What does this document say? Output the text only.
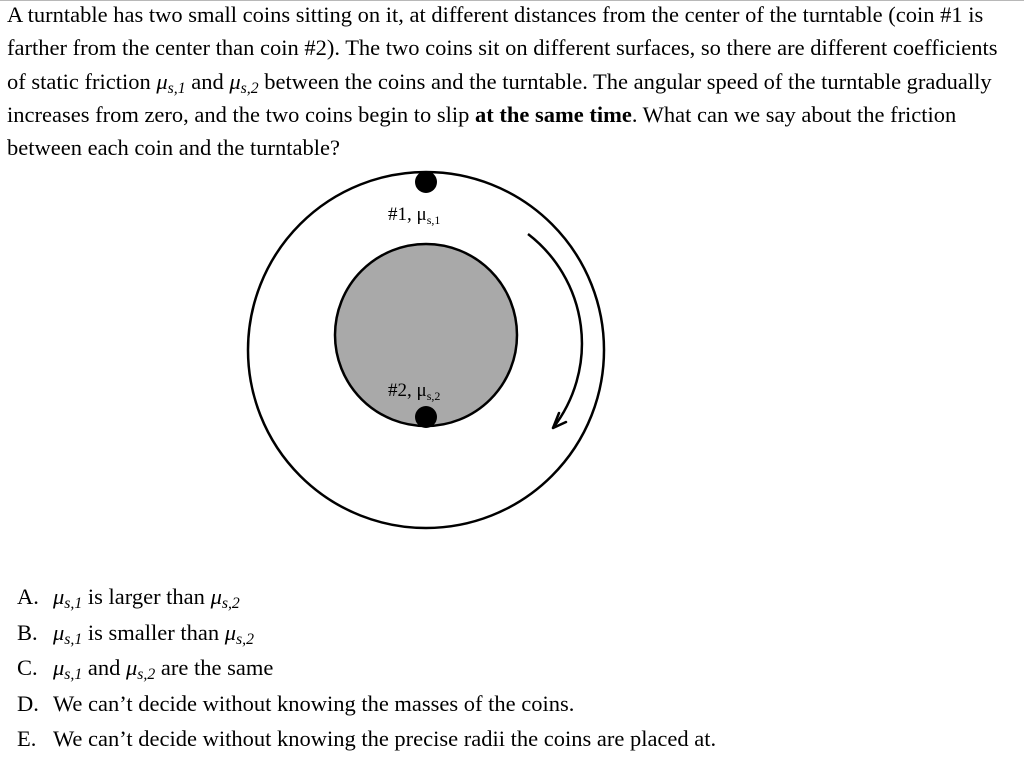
A turntable has two small coins sitting on it, at different distances from the center of the turntable (coin #1 is farther from the center than coin #2). The two coins sit on different surfaces, so there are different coefficients of static friction $\mu_{s,1}$ and $\mu_{s,2}$ between the coins and the turntable. The angular speed of the turntable gradually increases from zero, and the two coins begin to slip at the same time. What can we say about the friction between each coin and the turntable?

#1, $\mu_{s,1}$
#2, $\mu_{s,2}$
A. $\mu_{s,1}$ is larger than $\mu_{s,2}$
B. $\mu_{s,1}$ is smaller than $\mu_{s,2}$
C. $\mu_{s,1}$ and $\mu_{s,2}$ are the same
D. We can’t decide without knowing the masses of the coins.
E. We can’t decide without knowing the precise radii the coins are placed at.
